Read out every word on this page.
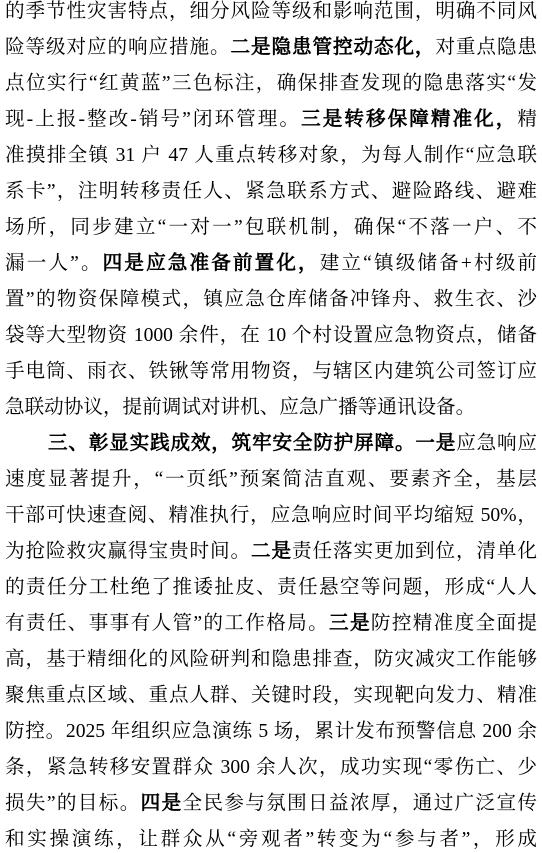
的季节性灾害特点，细分风险等级和影响范围，明确不同风
险等级对应的响应措施。二是隐患管控动态化，对重点隐患
点位实行“红黄蓝”三色标注，确保排查发现的隐患落实“发
现-上报-整改-销号”闭环管理。三是转移保障精准化，精
准摸排全镇 31 户 47 人重点转移对象，为每人制作“应急联
系卡”，注明转移责任人、紧急联系方式、避险路线、避难
场所，同步建立“一对一”包联机制，确保“不落一户、不
漏一人”。四是应急准备前置化，建立“镇级储备+村级前
置”的物资保障模式，镇应急仓库储备冲锋舟、救生衣、沙
袋等大型物资 1000 余件，在 10 个村设置应急物资点，储备
手电筒、雨衣、铁锹等常用物资，与辖区内建筑公司签订应
急联动协议，提前调试对讲机、应急广播等通讯设备。
三、彰显实践成效，筑牢安全防护屏障。一是应急响应
速度显著提升，“一页纸”预案简洁直观、要素齐全，基层
干部可快速查阅、精准执行，应急响应时间平均缩短 50%，
为抢险救灾赢得宝贵时间。二是责任落实更加到位，清单化
的责任分工杜绝了推诿扯皮、责任悬空等问题，形成“人人
有责任、事事有人管”的工作格局。三是防控精准度全面提
高，基于精细化的风险研判和隐患排查，防灾减灾工作能够
聚焦重点区域、重点人群、关键时段，实现靶向发力、精准
防控。2025 年组织应急演练 5 场，累计发布预警信息 200 余
条，紧急转移安置群众 300 余人次，成功实现“零伤亡、少
损失”的目标。四是全民参与氛围日益浓厚，通过广泛宣传
和实操演练，让群众从“旁观者”转变为“参与者”，形成
